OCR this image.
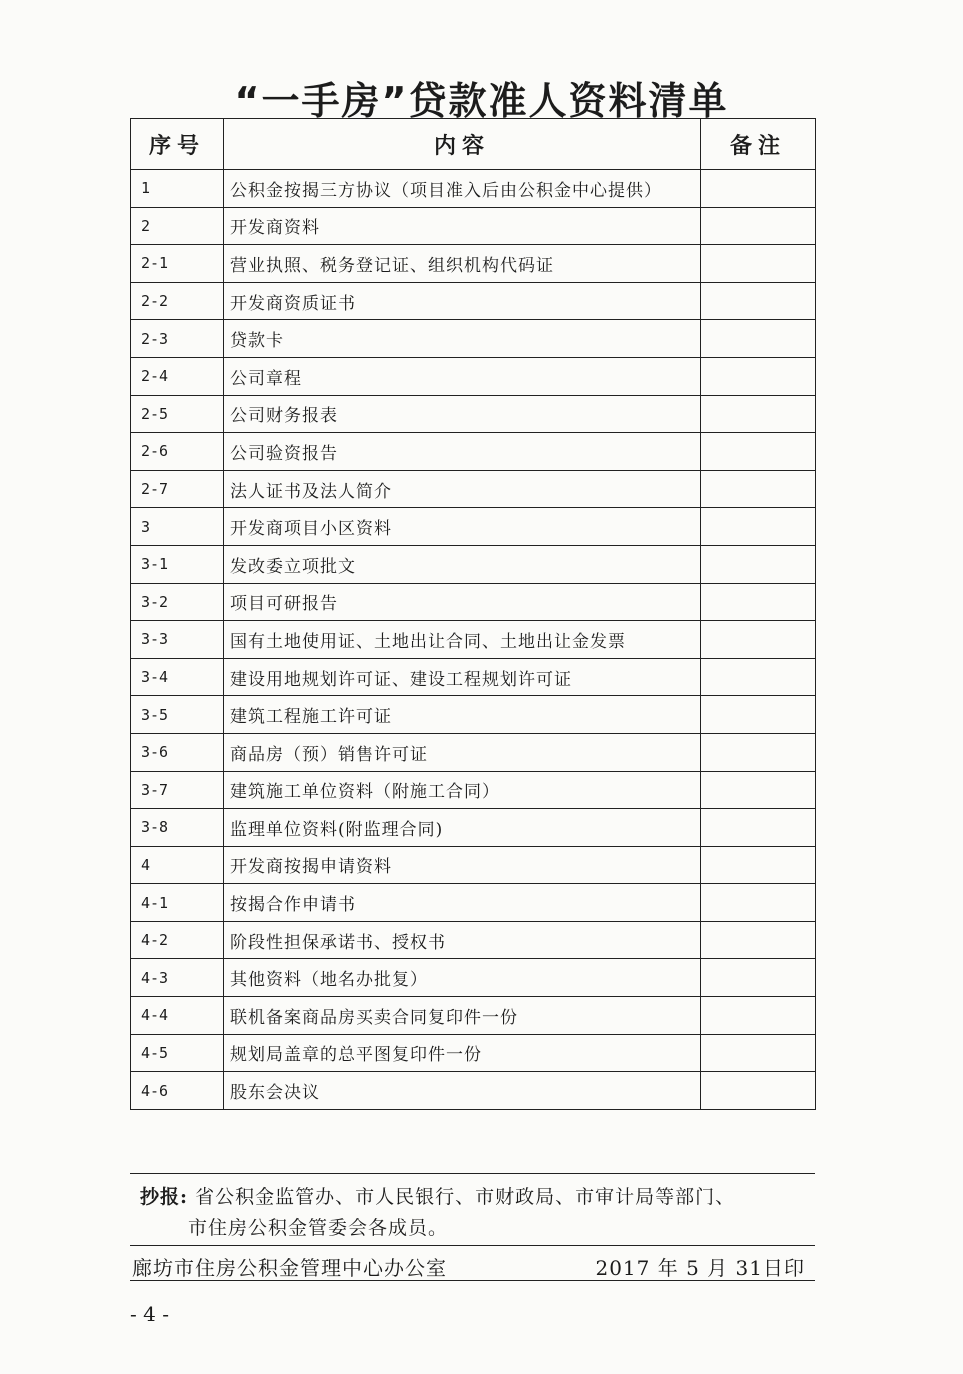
“一手房”贷款准人资料清单
序号	内容	备注
1	公积金按揭三方协议（项目准入后由公积金中心提供）	
2	开发商资料	
2-1	营业执照、税务登记证、组织机构代码证	
2-2	开发商资质证书	
2-3	贷款卡	
2-4	公司章程	
2-5	公司财务报表	
2-6	公司验资报告	
2-7	法人证书及法人简介	
3	开发商项目小区资料	
3-1	发改委立项批文	
3-2	项目可研报告	
3-3	国有土地使用证、土地出让合同、土地出让金发票	
3-4	建设用地规划许可证、建设工程规划许可证	
3-5	建筑工程施工许可证	
3-6	商品房（预）销售许可证	
3-7	建筑施工单位资料（附施工合同）	
3-8	监理单位资料(附监理合同)	
4	开发商按揭申请资料	
4-1	按揭合作申请书	
4-2	阶段性担保承诺书、授权书	
4-3	其他资料（地名办批复）	
4-4	联机备案商品房买卖合同复印件一份	
4-5	规划局盖章的总平图复印件一份	
4-6	股东会决议	
抄报: 省公积金监管办、市人民银行、市财政局、市审计局等部门、
市住房公积金管委会各成员。
廊坊市住房公积金管理中心办公室	2017 年 5 月 31日印
- 4 -
